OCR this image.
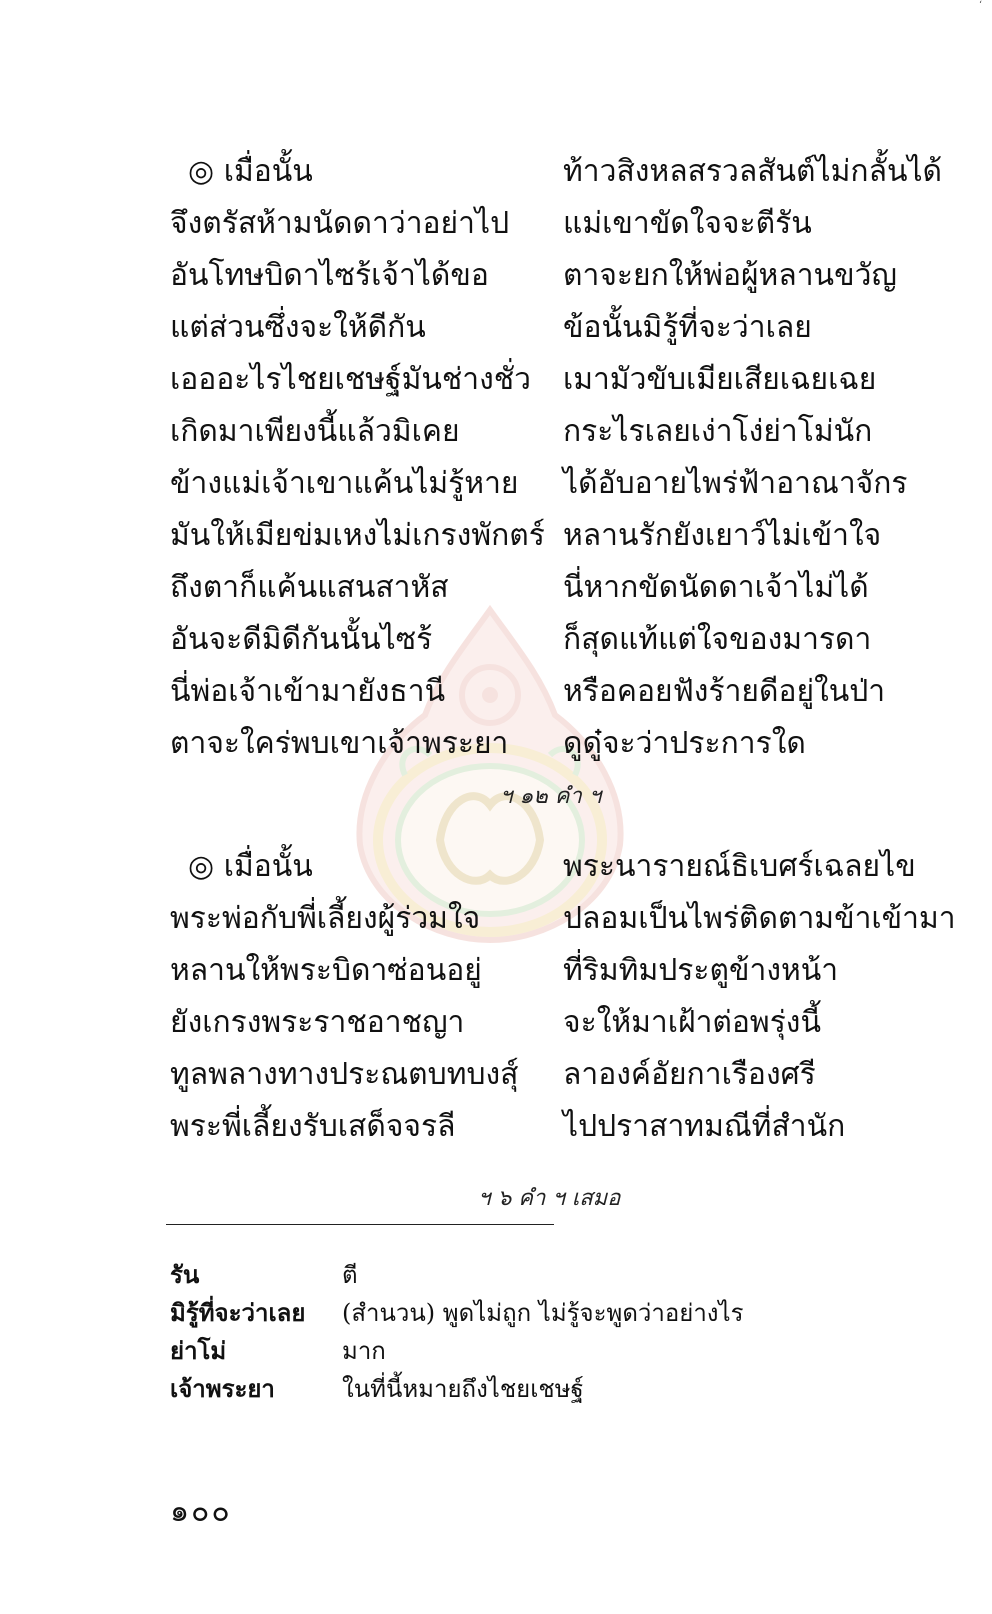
ʻ
◎ เมื่อนั้น	ท้าวสิงหลสรวลสันต์ไม่กลั้นได้
จึงตรัสห้ามนัดดาว่าอย่าไป แม่เขาขัดใจจะตีรัน
อันโทษบิดาไซร้เจ้าได้ขอ ตาจะยกให้พ่อผู้หลานขวัญ
แต่ส่วนซึ่งจะให้ดีกัน	ข้อนั้นมิรู้ที่จะว่าเลย
เอออะไรไชยเชษฐ์มันช่างชั่ว เมามัวขับเมียเสียเฉยเฉย
เกิดมาเพียงนี้แล้วมิเคย	กระไรเลยเง่าโง่ย่าโม่นัก
ข้างแม่เจ้าเขาแค้นไม่รู้หาย ได้อับอายไพร่ฟ้าอาณาจักร
มันให้เมียข่มเหงไม่เกรงพักตร์ หลานรักยังเยาว์ไม่เข้าใจ
ถึงตาก็แค้นแสนสาหัส	นี่หากขัดนัดดาเจ้าไม่ได้
อันจะดีมิดีกันนั้นไซร้	ก็สุดแท้แต่ใจของมารดา
นี่พ่อเจ้าเข้ามายังธานี	หรือคอยฟังร้ายดีอยู่ในป่า
ตาจะใคร่พบเขาเจ้าพระยา ดูดู๋จะว่าประการใด
ฯ ๑๒ คำ ฯ
◎ เมื่อนั้น	พระนารายณ์ธิเบศร์เฉลยไข
พระพ่อกับพี่เลี้ยงผู้ร่วมใจ	ปลอมเป็นไพร่ติดตามข้าเข้ามา
หลานให้พระบิดาซ่อนอยู่	ที่ริมทิมประตูข้างหน้า
ยังเกรงพระราชอาชญา	จะให้มาเฝ้าต่อพรุ่งนี้
ทูลพลางทางประณตบทบงสุ์ ลาองค์อัยกาเรืองศรี
พระพี่เลี้ยงรับเสด็จจรลี	ไปปราสาทมณีที่สำนัก
ฯ ๖ คำ ฯ เสมอ
รัน	ตี
มิรู้ที่จะว่าเลย (สำนวน) พูดไม่ถูก ไม่รู้จะพูดว่าอย่างไร
ย่าโม่	มาก
เจ้าพระยา	ในที่นี้หมายถึงไชยเชษฐ์
๑๐๐
